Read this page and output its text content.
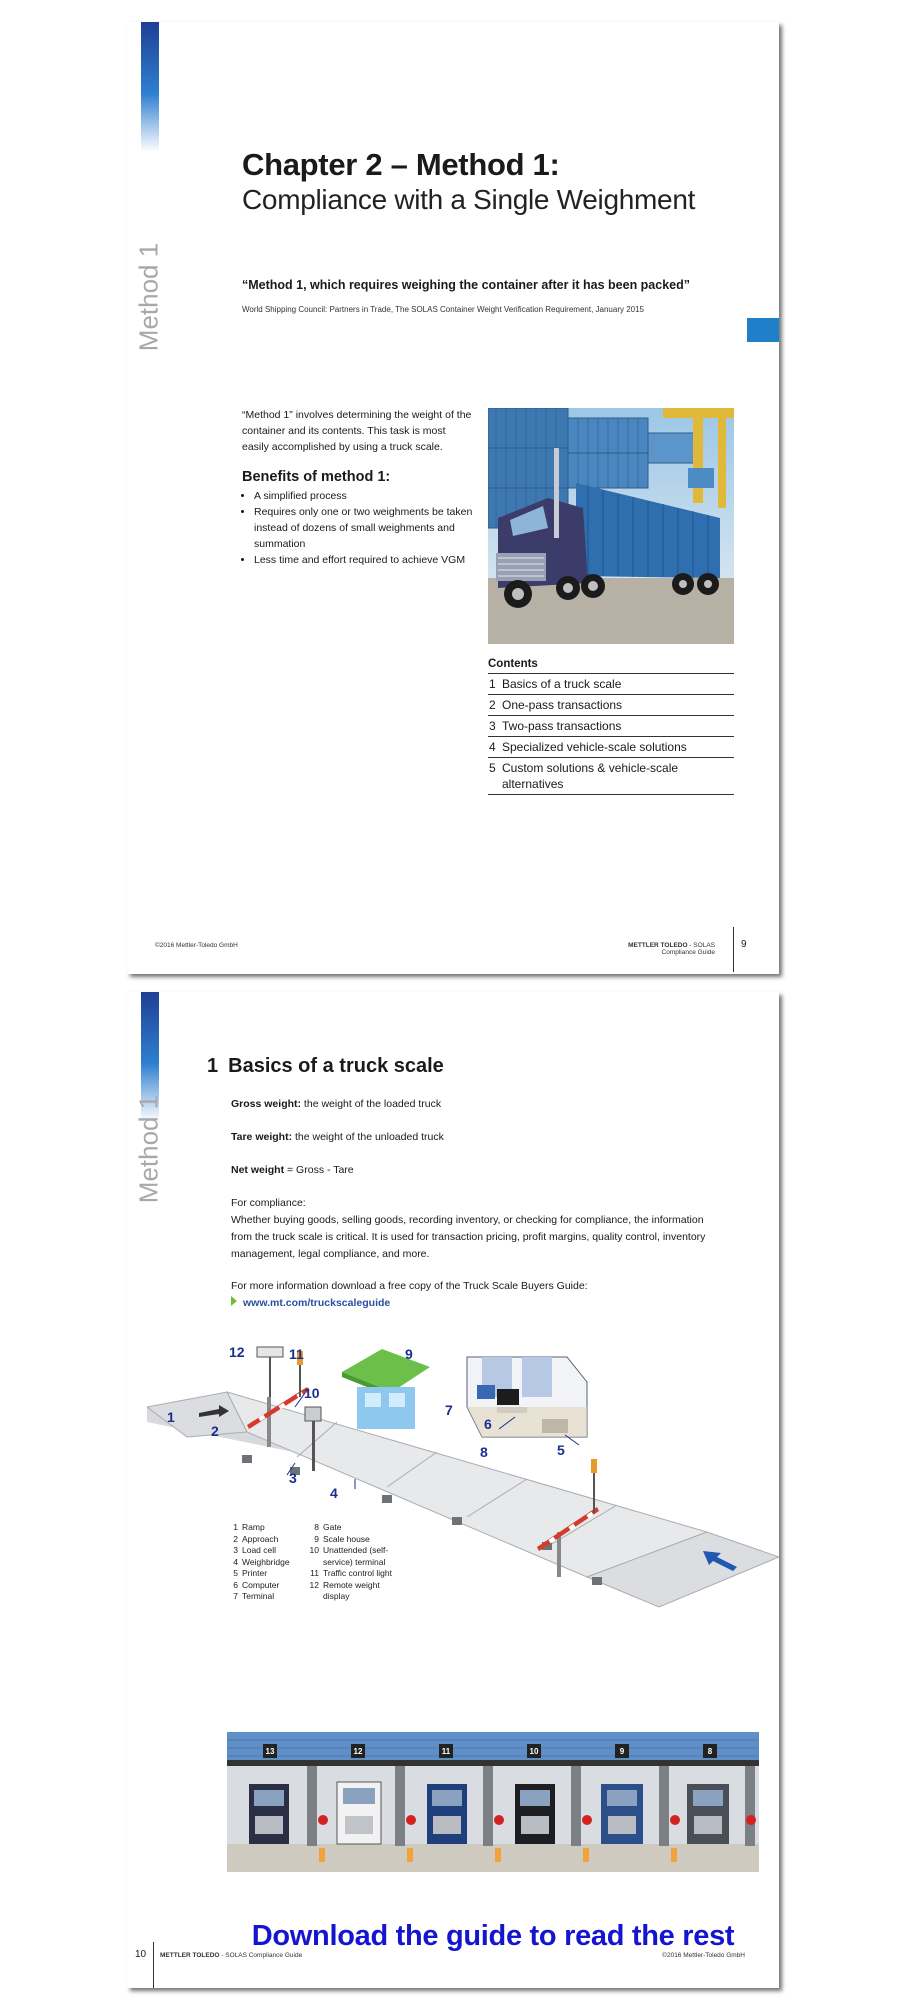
Method 1
Chapter 2 – Method 1:
Compliance with a Single Weighment
“Method 1, which requires weighing the container after it has been packed”
World Shipping Council: Partners in Trade, The SOLAS Container Weight Verification Requirement, January 2015
“Method 1” involves determining the weight of the container and its contents. This task is most easily accomplished by using a truck scale.
Benefits of method 1:
• A simplified process
• Requires only one or two weighments be taken instead of dozens of small weighments and summation
• Less time and effort required to achieve VGM
Contents
1 Basics of a truck scale
2 One-pass transactions
3 Two-pass transactions
4 Specialized vehicle-scale solutions
5 Custom solutions & vehicle-scale alternatives
©2016 Mettler-Toledo GmbH	METTLER TOLEDO - SOLAS Compliance Guide
9
Method 1
1 Basics of a truck scale
Gross weight: the weight of the loaded truck
Tare weight: the weight of the unloaded truck
Net weight = Gross - Tare
For compliance:
Whether buying goods, selling goods, recording inventory, or checking for compliance, the information from the truck scale is critical. It is used for transaction pricing, profit margins, quality control, inventory management, legal compliance, and more.
For more information download a free copy of the Truck Scale Buyers Guide:
www.mt.com/truckscaleguide
1
2
3
4
5
6
7
8
9
10
11
12
1 Ramp
2 Approach
3 Load cell
4 Weighbridge
5 Printer
6 Computer
7 Terminal
8 Gate
9 Scale house
10 Unattended (self-service) terminal
11 Traffic control light
12 Remote weight display
13	12	11	10	9	8
Download the guide to read the rest
10 METTLER TOLEDO - SOLAS Compliance Guide	©2016 Mettler-Toledo GmbH
